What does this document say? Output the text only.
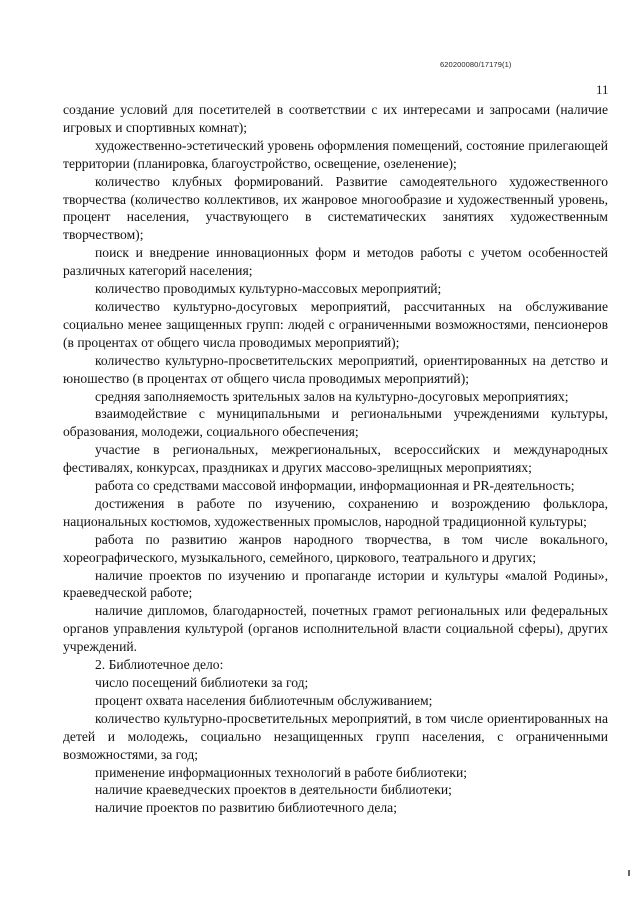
620200080/17179(1)
11

создание условий для посетителей в соответствии с их интересами и запросами (наличие игровых и спортивных комнат);

художественно-эстетический уровень оформления помещений, состояние прилегающей территории (планировка, благоустройство, освещение, озеленение);

количество клубных формирований. Развитие самодеятельного художественного творчества (количество коллективов, их жанровое многообразие и художественный уровень, процент населения, участвующего в систематических занятиях художественным творчеством);

поиск и внедрение инновационных форм и методов работы с учетом особенностей различных категорий населения;

количество проводимых культурно-массовых мероприятий;

количество культурно-досуговых мероприятий, рассчитанных на обслуживание социально менее защищенных групп: людей с ограниченными возможностями, пенсионеров (в процентах от общего числа проводимых мероприятий);

количество культурно-просветительских мероприятий, ориентированных на детство и юношество (в процентах от общего числа проводимых мероприятий);

средняя заполняемость зрительных залов на культурно-досуговых мероприятиях;

взаимодействие с муниципальными и региональными учреждениями культуры, образования, молодежи, социального обеспечения;

участие в региональных, межрегиональных, всероссийских и международных фестивалях, конкурсах, праздниках и других массово-зрелищных мероприятиях;

работа со средствами массовой информации, информационная и PR-деятельность;

достижения в работе по изучению, сохранению и возрождению фольклора, национальных костюмов, художественных промыслов, народной традиционной культуры;

работа по развитию жанров народного творчества, в том числе вокального, хореографического, музыкального, семейного, циркового, театрального и других;

наличие проектов по изучению и пропаганде истории и культуры «малой Родины», краеведческой работе;

наличие дипломов, благодарностей, почетных грамот региональных или федеральных органов управления культурой (органов исполнительной власти социальной сферы), других учреждений.

2. Библиотечное дело:

число посещений библиотеки за год;

процент охвата населения библиотечным обслуживанием;

количество культурно-просветительных мероприятий, в том числе ориентированных на детей и молодежь, социально незащищенных групп населения, с ограниченными возможностями, за год;

применение информационных технологий в работе библиотеки;

наличие краеведческих проектов в деятельности библиотеки;

наличие проектов по развитию библиотечного дела;
